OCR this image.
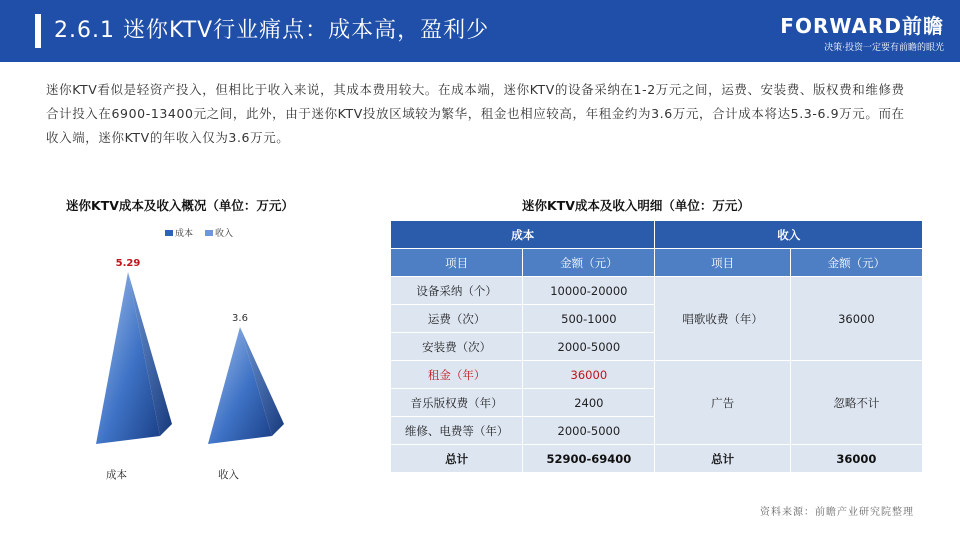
2.6.1 迷你KTV行业痛点：成本高，盈利少	FORWARD前瞻
决策·投资一定要有前瞻的眼光
迷你KTV看似是轻资产投入，但相比于收入来说，其成本费用较大。在成本端，迷你KTV的设备采纳在1-2万元之间，运费、安装费、版权费和维修费合计投入在6900-13400元之间，此外，由于迷你KTV投放区域较为繁华，租金也相应较高，年租金约为3.6万元，合计成本将达5.3-6.9万元。而在收入端，迷你KTV的年收入仅为3.6万元。
迷你KTV成本及收入概况（单位：万元）
成本 收入
5.29
成本
3.6
收入
迷你KTV成本及收入明细（单位：万元）
成本		收入	
项目	金额（元）	项目	金额（元）
设备采纳（个）	10000-20000	唱歌收费（年）	36000
运费（次）	500-1000		
安装费（次）	2000-5000		
租金（年）	36000	广告	忽略不计
音乐版权费（年）	2400		
维修、电费等（年）	2000-5000		
总计	52900-69400	总计	36000
资料来源：前瞻产业研究院整理
